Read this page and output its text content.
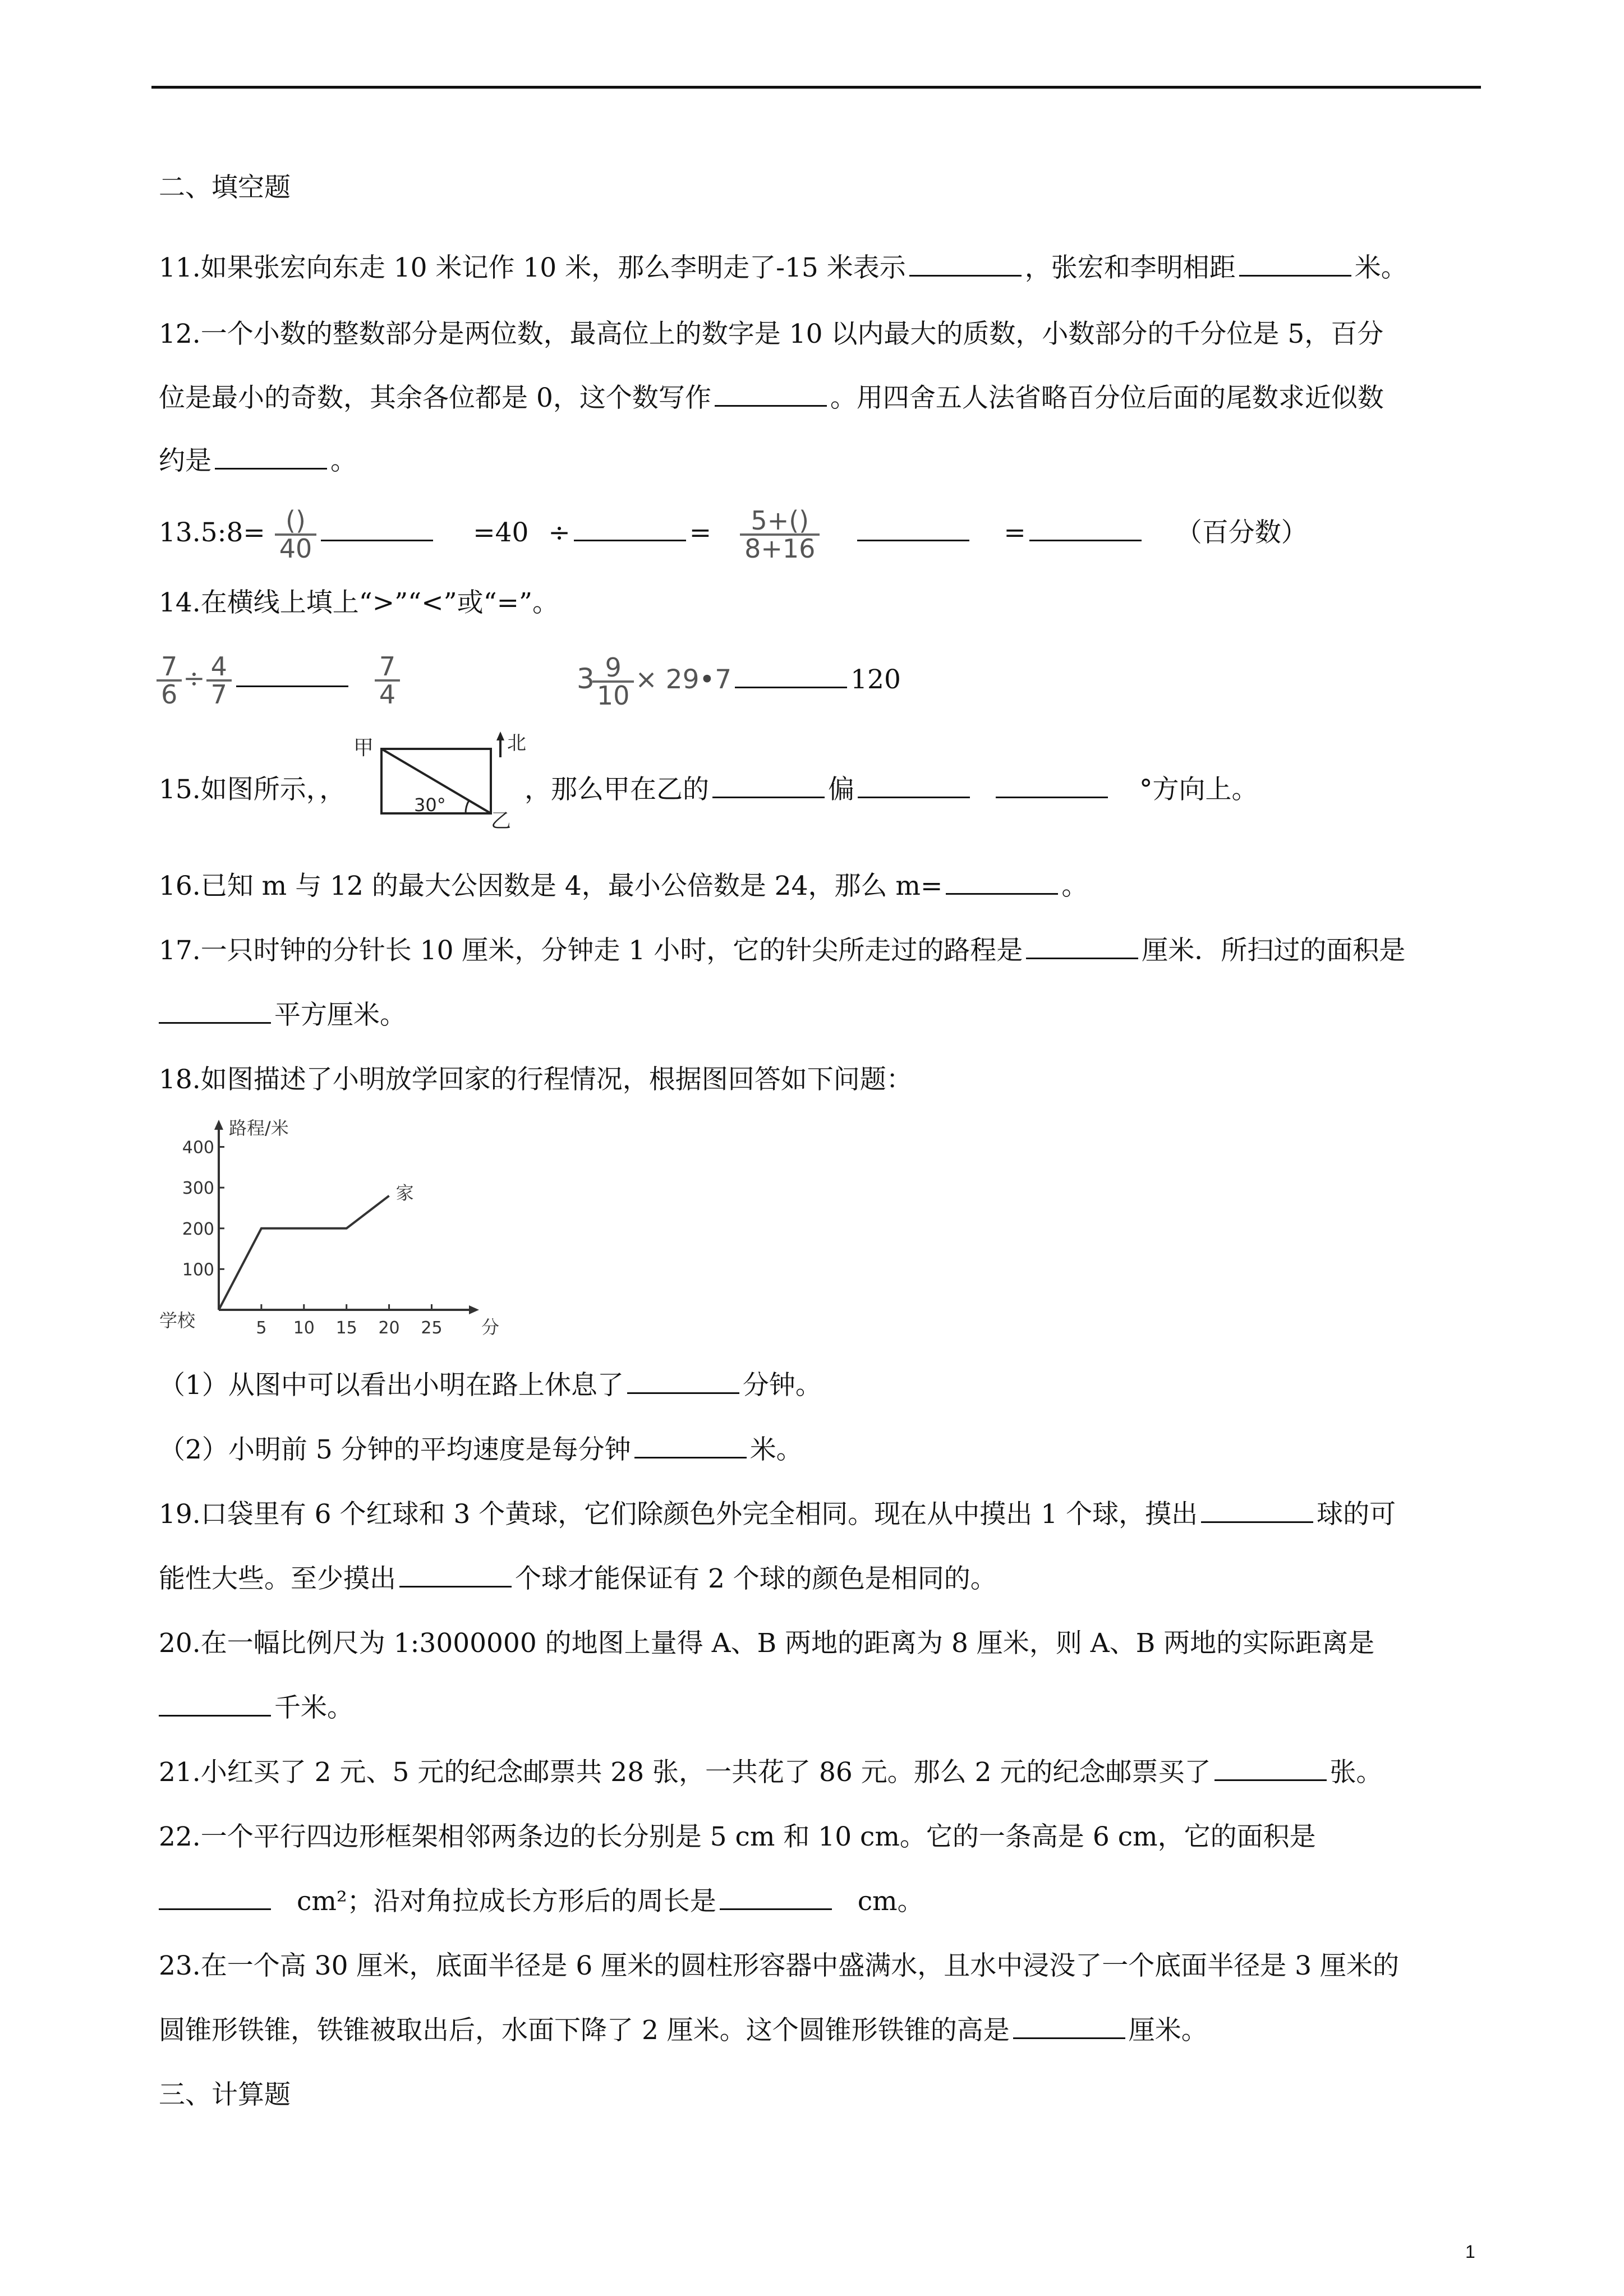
二、填空题
11.如果张宏向东走 10 米记作 10 米，那么李明走了-15 米表示	，张宏和李明相距	米。
12.一个小数的整数部分是两位数，最高位上的数字是 10 以内最大的质数，小数部分的千分位是 5，百分
位是最小的奇数，其余各位都是 0，这个数写作	。用四舍五人法省略百分位后面的尾数求近似数
约是	。
13.5:8= $\frac{()}{40}$	=40 ÷	= $\frac{5+()}{8+16}$	=	（百分数）
14.在横线上填上“>”“<”或“=”。
$\frac{7}{6} \div \frac{4}{7}$
	$\frac{7}{4}$	$3 \frac{9}{10}$ × 29•7	120
15.如图所示，，
甲
乙
北
30°	，那么甲在乙的	偏	°方向上。
16.已知 m 与 12 的最大公因数是 4，最小公倍数是 24，那么 m=	。
17.一只时钟的分针长 10 厘米，分钟走 1 小时，它的针尖所走过的路程是	厘米．所扫过的面积是
平方厘米。
18.如图描述了小明放学回家的行程情况，根据图回答如下问题：
5 10 15 20 25
100
200
300
400
路程/米
分
学校
家
（1）从图中可以看出小明在路上休息了	分钟。
（2）小明前 5 分钟的平均速度是每分钟	米。
19.口袋里有 6 个红球和 3 个黄球，它们除颜色外完全相同。现在从中摸出 1 个球，摸出	球的可
能性大些。至少摸出	个球才能保证有 2 个球的颜色是相同的。
20.在一幅比例尺为 1:3000000 的地图上量得 A、B 两地的距离为 8 厘米，则 A、B 两地的实际距离是
千米。
21.小红买了 2 元、5 元的纪念邮票共 28 张，一共花了 86 元。那么 2 元的纪念邮票买了	张。
22.一个平行四边形框架相邻两条边的长分别是 5 cm 和 10 cm。它的一条高是 6 cm，它的面积是
cm²；沿对角拉成长方形后的周长是	cm。
23.在一个高 30 厘米，底面半径是 6 厘米的圆柱形容器中盛满水，且水中浸没了一个底面半径是 3 厘米的
圆锥形铁锥，铁锥被取出后，水面下降了 2 厘米。这个圆锥形铁锥的高是	厘米。
三、计算题
1
